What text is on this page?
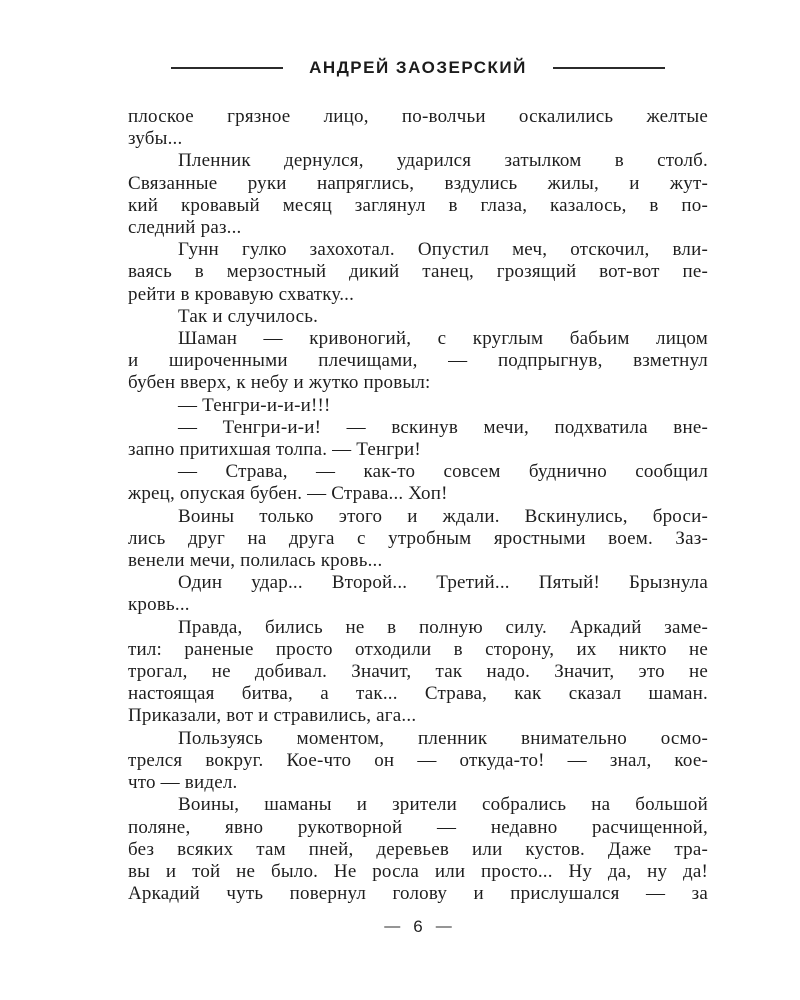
АНДРЕЙ ЗАОЗЕРСКИЙ
плоское грязное лицо, по-волчьи оскалились желтые
зубы...
Пленник дернулся, ударился затылком в столб.
Связанные руки напряглись, вздулись жилы, и жут-
кий кровавый месяц заглянул в глаза, казалось, в по-
следний раз...
Гунн гулко захохотал. Опустил меч, отскочил, вли-
ваясь в мерзостный дикий танец, грозящий вот-вот пе-
рейти в кровавую схватку...
Так и случилось.
Шаман — кривоногий, с круглым бабьим лицом
и широченными плечищами, — подпрыгнув, взметнул
бубен вверх, к небу и жутко провыл:
— Тенгри-и-и-и!!!
— Тенгри-и-и! — вскинув мечи, подхватила вне-
запно притихшая толпа. — Тенгри!
— Страва, — как-то совсем буднично сообщил
жрец, опуская бубен. — Страва... Хоп!
Воины только этого и ждали. Вскинулись, броси-
лись друг на друга с утробным яростными воем. Заз-
венели мечи, полилась кровь...
Один удар... Второй... Третий... Пятый! Брызнула
кровь...
Правда, бились не в полную силу. Аркадий заме-
тил: раненые просто отходили в сторону, их никто не
трогал, не добивал. Значит, так надо. Значит, это не
настоящая битва, а так... Страва, как сказал шаман.
Приказали, вот и стравились, ага...
Пользуясь моментом, пленник внимательно осмо-
трелся вокруг. Кое-что он — откуда-то! — знал, кое-
что — видел.
Воины, шаманы и зрители собрались на большой
поляне, явно рукотворной — недавно расчищенной,
без всяких там пней, деревьев или кустов. Даже тра-
вы и той не было. Не росла или просто... Ну да, ну да!
Аркадий чуть повернул голову и прислушался — за
— 6 —
